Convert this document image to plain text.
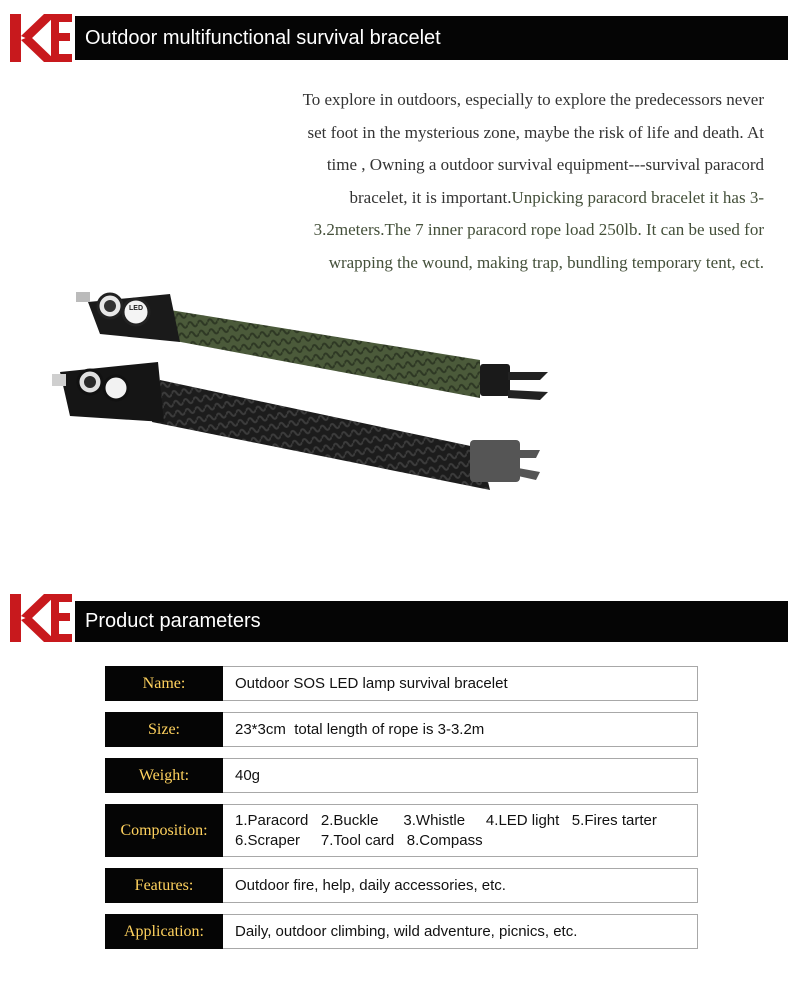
Outdoor multifunctional survival bracelet
To explore in outdoors, especially to explore the predecessors never set foot in the mysterious zone, maybe the risk of life and death. At time , Owning a outdoor survival equipment---survival paracord bracelet, it is important.Unpicking paracord bracelet it has 3-3.2meters.The 7 inner paracord rope load 250lb. It can be used for wrapping the wound, making trap, bundling temporary tent, ect.
LED
Product parameters
Name:	Outdoor SOS LED lamp survival bracelet
Size:	23*3cm  total length of rope is 3-3.2m
Weight:	40g
Composition:
1.Paracord   2.Buckle      3.Whistle     4.LED light   5.Fires tarter
6.Scraper     7.Tool card   8.Compass
Features:	Outdoor fire, help, daily accessories, etc.
Application:	Daily, outdoor climbing, wild adventure, picnics, etc.
